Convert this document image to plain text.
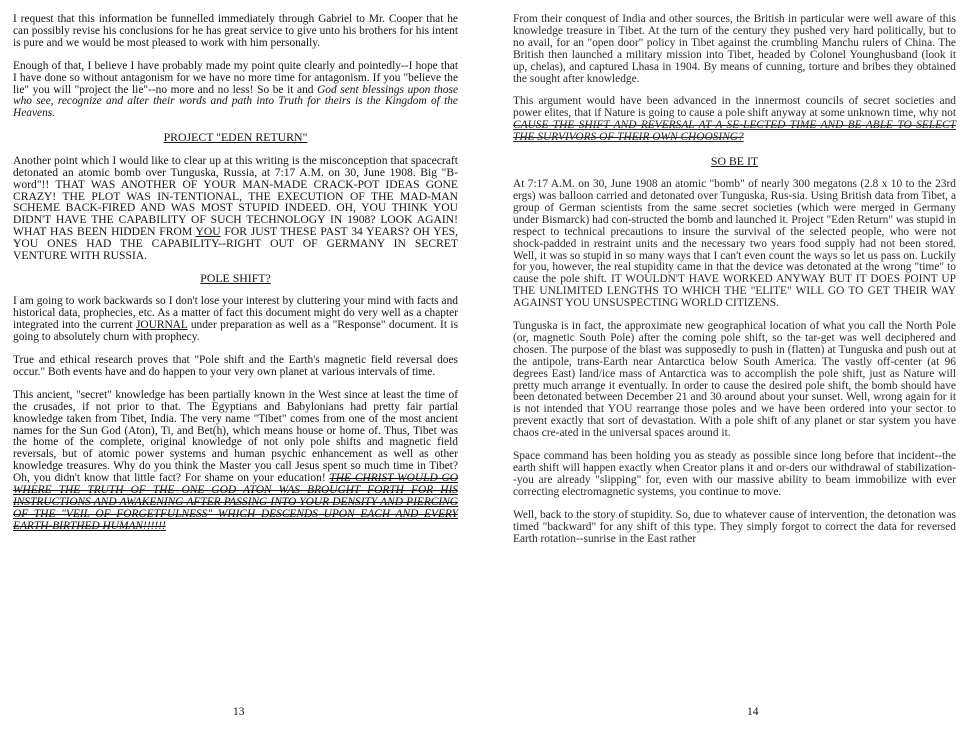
I request that this information be funnelled immediately through Gabriel to Mr. Cooper that he can possibly revise his conclusions for he has great service to give unto his brothers for his intent is pure and we would be most pleased to work with him personally.

Enough of that, I believe I have probably made my point quite clearly and pointedly--I hope that I have done so without antagonism for we have no more time for antagonism. If you "believe the lie" you will "project the lie"--no more and no less! So be it and God sent blessings upon those who see, recognize and alter their words and path into Truth for theirs is the Kingdom of the Heavens.

PROJECT "EDEN RETURN"

Another point which I would like to clear up at this writing is the misconception that spacecraft detonated an atomic bomb over Tunguska, Russia, at 7:17 A.M. on 30, June 1908. Big "B-word"!! THAT WAS ANOTHER OF YOUR MAN-MADE CRACK-POT IDEAS GONE CRAZY! THE PLOT WAS IN-TENTIONAL, THE EXECUTION OF THE MAD-MAN SCHEME BACK-FIRED AND WAS MOST STUPID INDEED. OH, YOU THINK YOU DIDN'T HAVE THE CAPABILITY OF SUCH TECHNOLOGY IN 1908? LOOK AGAIN! WHAT HAS BEEN HIDDEN FROM YOU FOR JUST THESE PAST 34 YEARS? OH YES, YOU ONES HAD THE CAPABILITY--RIGHT OUT OF GERMANY IN SECRET VENTURE WITH RUSSIA.

POLE SHIFT?

I am going to work backwards so I don't lose your interest by cluttering your mind with facts and historical data, prophecies, etc. As a matter of fact this document might do very well as a chapter integrated into the current JOURNAL under preparation as well as a "Response" document. It is going to absolutely churn with prophecy.

True and ethical research proves that "Pole shift and the Earth's magnetic field reversal does occur." Both events have and do happen to your very own planet at various intervals of time.

This ancient, "secret" knowledge has been partially known in the West since at least the time of the crusades, if not prior to that. The Egyptians and Babylonians had pretty fair partial knowledge taken from Tibet, India. The very name "Tibet" comes from one of the most ancient names for the Sun God (Aton), Ti, and Bet(h), which means house or home of. Thus, Tibet was the home of the complete, original knowledge of not only pole shifts and magnetic field reversals, but of atomic power systems and human psychic enhancement as well as other knowledge treasures. Why do you think the Master you call Jesus spent so much time in Tibet? Oh, you didn't know that little fact? For shame on your education! THE CHRIST WOULD GO WHERE THE TRUTH OF THE ONE GOD ATON WAS BROUGHT FORTH FOR HIS INSTRUCTIONS AND AWAKENING AFTER PASSING INTO YOUR DENSITY AND PIERCING OF THE "VEIL OF FORGETFULNESS" WHICH DESCENDS UPON EACH AND EVERY EARTH-BIRTHED HUMAN!!!!!!

From their conquest of India and other sources, the British in particular were well aware of this knowledge treasure in Tibet. At the turn of the century they pushed very hard politically, but to no avail, for an "open door" policy in Tibet against the crumbling Manchu rulers of China. The British then launched a military mission into Tibet, headed by Colonel Younghusband (look it up, chelas), and captured Lhasa in 1904. By means of cunning, torture and bribes they obtained the sought after knowledge.

This argument would have been advanced in the innermost councils of secret societies and power elites, that if Nature is going to cause a pole shift anyway at some unknown time, why not CAUSE THE SHIFT AND REVERSAL AT A SE-LECTED TIME AND BE ABLE TO SELECT THE SURVIVORS OF THEIR OWN CHOOSING?

SO BE IT

At 7:17 A.M. on 30, June 1908 an atomic "bomb" of nearly 300 megatons (2.8 x 10 to the 23rd ergs) was balloon carried and detonated over Tunguska, Rus-sia. Using British data from Tibet, a group of German scientists from the same secret societies (which were merged in Germany under Bismarck) had con-structed the bomb and launched it. Project "Eden Return" was stupid in respect to technical precautions to insure the survival of the selected people, who were not shock-padded in restraint units and the necessary two years food supply had not been stored. Well, it was so stupid in so many ways that I can't even count the ways so let us pass on. Luckily for you, however, the real stupidity came in that the device was detonated at the wrong "time" to cause the pole shift. IT WOULDN'T HAVE WORKED ANYWAY BUT IT DOES POINT UP THE UNLIMITED LENGTHS TO WHICH THE "ELITE" WILL GO TO GET THEIR WAY AGAINST YOU UNSUSPECTING WORLD CITIZENS.

Tunguska is in fact, the approximate new geographical location of what you call the North Pole (or, magnetic South Pole) after the coming pole shift, so the tar-get was well deciphered and chosen. The purpose of the blast was supposedly to push in (flatten) at Tunguska and push out at the antipole, trans-Earth near Antarctica below South America. The vastly off-center (at 96 degrees East) land/ice mass of Antarctica was to accomplish the pole shift, just as Nature will pretty much arrange it eventually. In order to cause the desired pole shift, the bomb should have been detonated between December 21 and 30 around about your sunset. Well, wrong again for it is not intended that YOU rearrange those poles and we have been ordered into your sector to prevent exactly that sort of devastation. With a pole shift of any planet or star system you have chaos cre-ated in the universal spaces around it.

Space command has been holding you as steady as possible since long before that incident--the earth shift will happen exactly when Creator plans it and or-ders our withdrawal of stabilization--you are already "slipping" for, even with our massive ability to beam immobilize with ever correcting electromagnetic systems, you continue to move.

Well, back to the story of stupidity. So, due to whatever cause of intervention, the detonation was timed "backward" for any shift of this type. They simply forgot to correct the data for reversed Earth rotation--sunrise in the East rather

13	14
